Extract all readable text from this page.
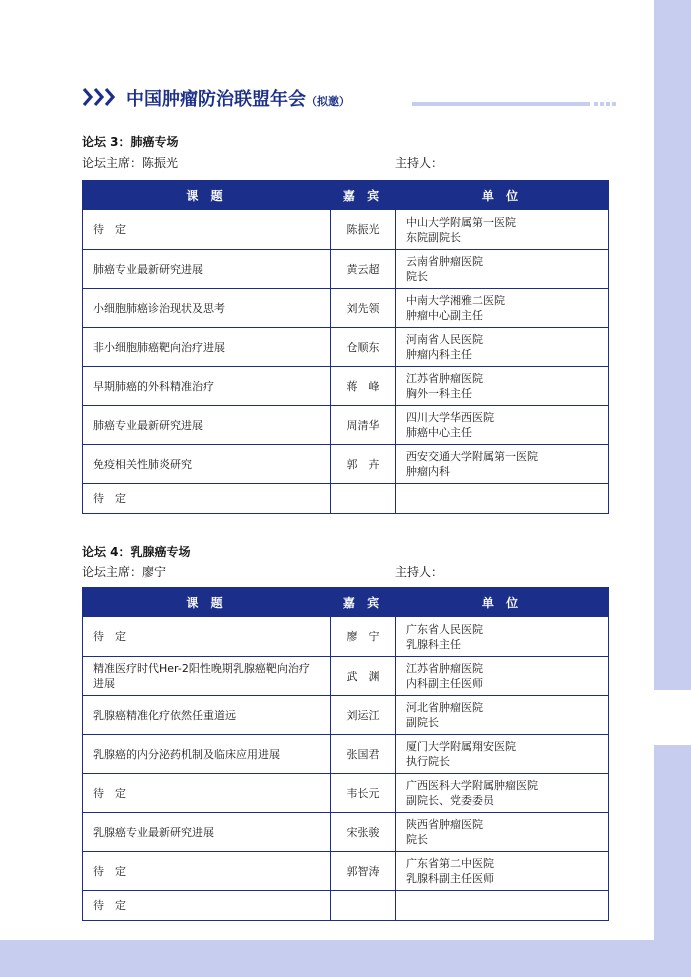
中国肿瘤防治联盟年会（拟邀）
论坛 3：肺癌专场
论坛主席：陈振光	主持人：
课 题	嘉 宾	单 位
待　定	陈振光	中山大学附属第一医院
东院副院长

肺癌专业最新研究进展	黄云超	云南省肿瘤医院
院长

小细胞肺癌诊治现状及思考	刘先领	中南大学湘雅二医院
肿瘤中心副主任

非小细胞肺癌靶向治疗进展	仓顺东	河南省人民医院
肿瘤内科主任

早期肺癌的外科精准治疗	蒋　峰	江苏省肿瘤医院
胸外一科主任

肺癌专业最新研究进展	周清华	四川大学华西医院
肺癌中心主任

免疫相关性肺炎研究	郭　卉	西安交通大学附属第一医院
肿瘤内科

待　定		
论坛 4：乳腺癌专场
论坛主席：廖宁	主持人：
课 题	嘉 宾	单 位
待　定	廖　宁	广东省人民医院
乳腺科主任

精准医疗时代Her-2阳性晚期乳腺癌靶向治疗进展	武　渊	江苏省肿瘤医院
内科副主任医师

乳腺癌精准化疗依然任重道远	刘运江	河北省肿瘤医院
副院长

乳腺癌的内分泌药机制及临床应用进展	张国君	厦门大学附属翔安医院
执行院长

待　定	韦长元	广西医科大学附属肿瘤医院
副院长、党委委员

乳腺癌专业最新研究进展	宋张骏	陕西省肿瘤医院
院长

待　定	郭智涛	广东省第二中医院
乳腺科副主任医师

待　定		
